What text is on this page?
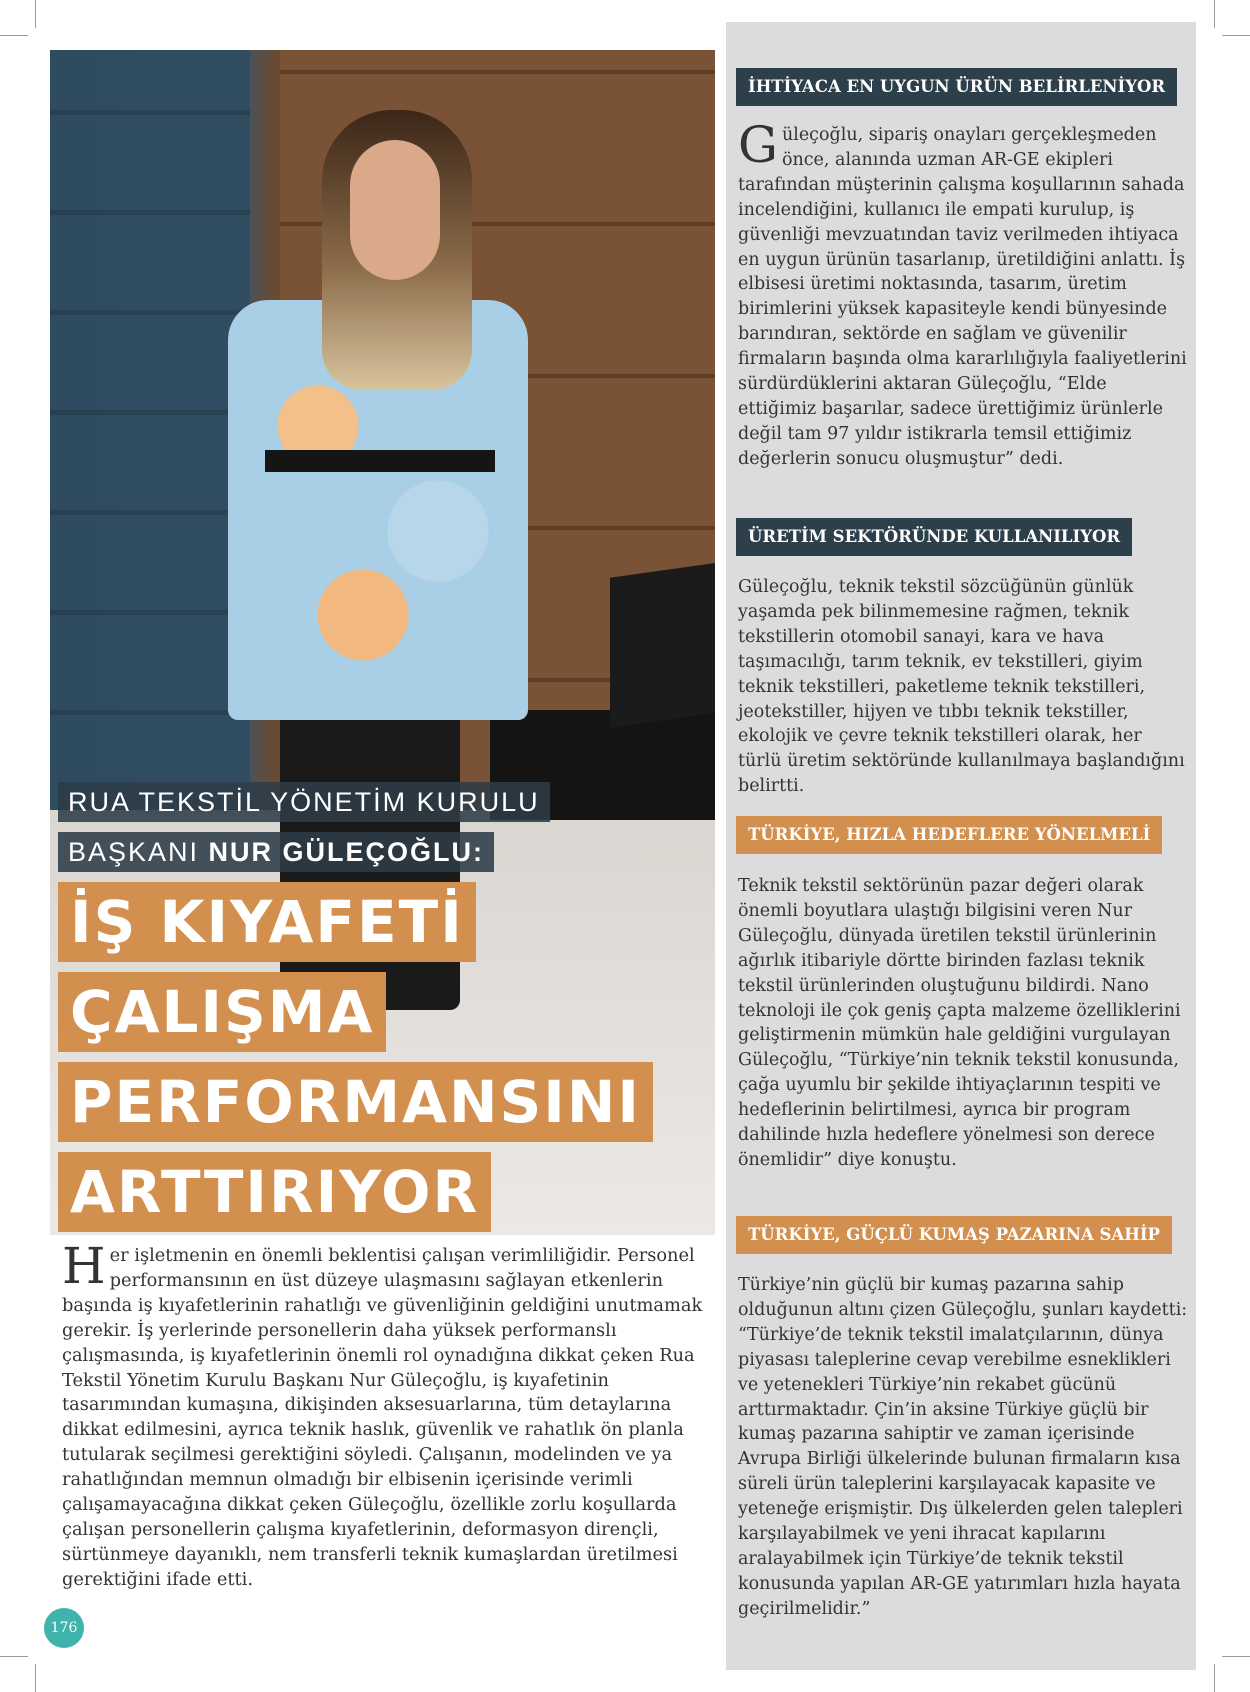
RUA TEKSTİL YÖNETİM KURULU
BAŞKANI NUR GÜLEÇOĞLU:
İŞ KIYAFETİ
ÇALIŞMA
PERFORMANSINI
ARTTIRIYOR
Her işletmenin en önemli beklentisi çalışan verimliliğidir. Personel performansının en üst düzeye ulaşmasını sağlayan etkenlerin başında iş kıyafetlerinin rahatlığı ve güvenliğinin geldiğini unutmamak gerekir. İş yerlerinde personellerin daha yüksek performanslı çalışmasında, iş kıyafetlerinin önemli rol oynadığına dikkat çeken Rua Tekstil Yönetim Kurulu Başkanı Nur Güleçoğlu, iş kıyafetinin tasarımından kumaşına, dikişinden aksesuarlarına, tüm detaylarına dikkat edilmesini, ayrıca teknik haslık, güvenlik ve rahatlık ön planla tutularak seçilmesi gerektiğini söyledi. Çalışanın, modelinden ve ya rahatlığından memnun olmadığı bir elbisenin içerisinde verimli çalışamayacağına dikkat çeken Güleçoğlu, özellikle zorlu koşullarda çalışan personellerin çalışma kıyafetlerinin, deformasyon dirençli, sürtünmeye dayanıklı, nem transferli teknik kumaşlardan üretilmesi gerektiğini ifade etti.
176
İHTİYACA EN UYGUN ÜRÜN BELİRLENİYOR
Güleçoğlu, sipariş onayları gerçekleşmeden önce, alanında uzman AR-GE ekipleri tarafından müşterinin çalışma koşullarının sahada incelendiğini, kullanıcı ile empati kurulup, iş güvenliği mevzuatından taviz verilmeden ihtiyaca en uygun ürünün tasarlanıp, üretildiğini anlattı. İş elbisesi üretimi noktasında, tasarım, üretim birimlerini yüksek kapasiteyle kendi bünyesinde barındıran, sektörde en sağlam ve güvenilir firmaların başında olma kararlılığıyla faaliyetlerini sürdürdüklerini aktaran Güleçoğlu, “Elde ettiğimiz başarılar, sadece ürettiğimiz ürünlerle değil tam 97 yıldır istikrarla temsil ettiğimiz değerlerin sonucu oluşmuştur” dedi.
ÜRETİM SEKTÖRÜNDE KULLANILIYOR
Güleçoğlu, teknik tekstil sözcüğünün günlük yaşamda pek bilinmemesine rağmen, teknik tekstillerin otomobil sanayi, kara ve hava taşımacılığı, tarım teknik, ev tekstilleri, giyim teknik tekstilleri, paketleme teknik tekstilleri, jeotekstiller, hijyen ve tıbbı teknik tekstiller, ekolojik ve çevre teknik tekstilleri olarak, her türlü üretim sektöründe kullanılmaya başlandığını belirtti.
TÜRKİYE, HIZLA HEDEFLERE YÖNELMELİ
Teknik tekstil sektörünün pazar değeri olarak önemli boyutlara ulaştığı bilgisini veren Nur Güleçoğlu, dünyada üretilen tekstil ürünlerinin ağırlık itibariyle dörtte birinden fazlası teknik tekstil ürünlerinden oluştuğunu bildirdi. Nano teknoloji ile çok geniş çapta malzeme özelliklerini geliştirmenin mümkün hale geldiğini vurgulayan Güleçoğlu, “Türkiye’nin teknik tekstil konusunda, çağa uyumlu bir şekilde ihtiyaçlarının tespiti ve hedeflerinin belirtilmesi, ayrıca bir program dahilinde hızla hedeflere yönelmesi son derece önemlidir” diye konuştu.
TÜRKİYE, GÜÇLÜ KUMAŞ PAZARINA SAHİP
Türkiye’nin güçlü bir kumaş pazarına sahip olduğunun altını çizen Güleçoğlu, şunları kaydetti: “Türkiye’de teknik tekstil imalatçılarının, dünya piyasası taleplerine cevap verebilme esneklikleri ve yetenekleri Türkiye’nin rekabet gücünü arttırmaktadır. Çin’in aksine Türkiye güçlü bir kumaş pazarına sahiptir ve zaman içerisinde Avrupa Birliği ülkelerinde bulunan firmaların kısa süreli ürün taleplerini karşılayacak kapasite ve yeteneğe erişmiştir. Dış ülkelerden gelen talepleri karşılayabilmek ve yeni ihracat kapılarını aralayabilmek için Türkiye’de teknik tekstil konusunda yapılan AR-GE yatırımları hızla hayata geçirilmelidir.”
